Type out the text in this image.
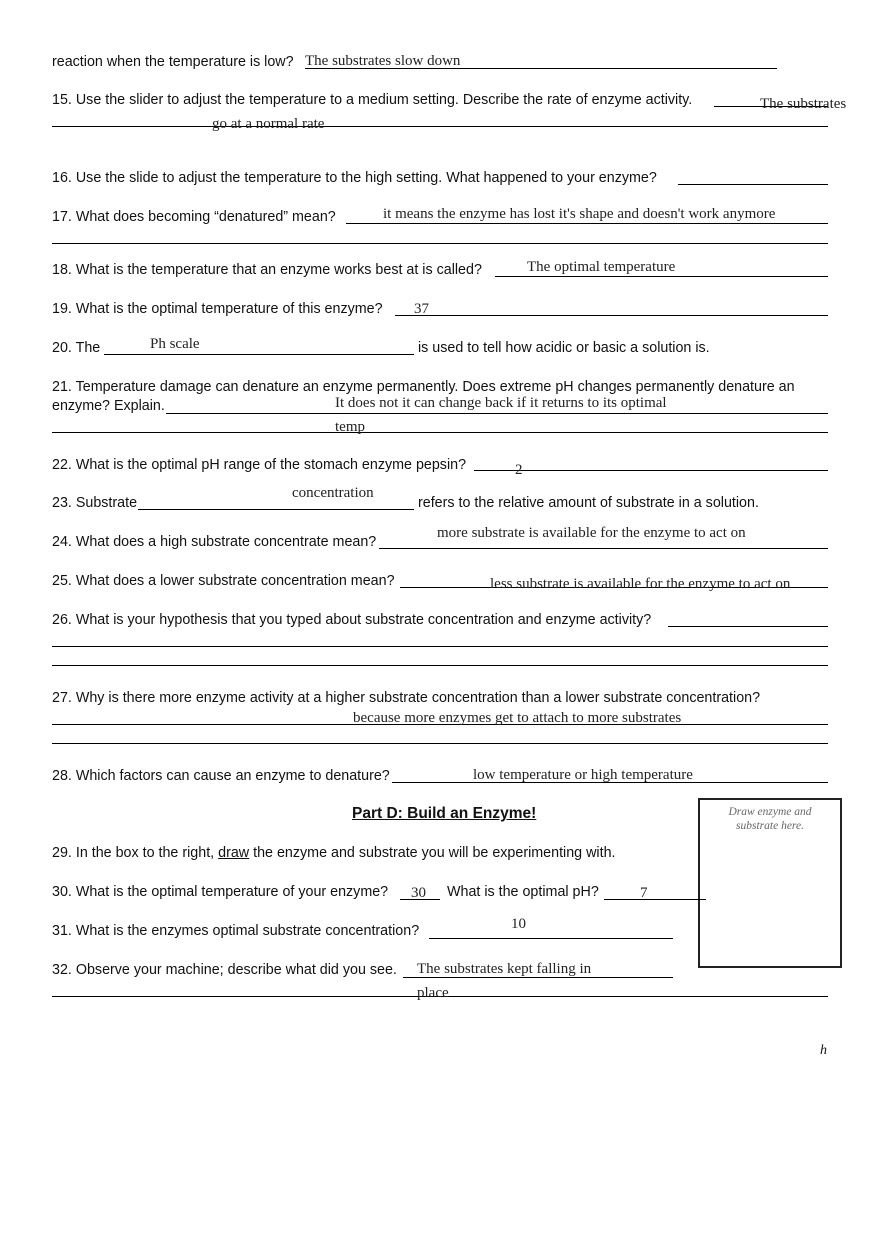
reaction when the temperature is low? The substrates slow down
15. Use the slider to adjust the temperature to a medium setting. Describe the rate of enzyme activity.	The substrates
go at a normal rate
16. Use the slide to adjust the temperature to the high setting. What happened to your enzyme?
17. What does becoming “denatured” mean?	it means the enzyme has lost it's shape and doesn't work anymore
18. What is the temperature that an enzyme works best at is called?	The optimal temperature
19. What is the optimal temperature of this enzyme? 37
20. The	Ph scale	is used to tell how acidic or basic a solution is.
21. Temperature damage can denature an enzyme permanently. Does extreme pH changes permanently denature an
enzyme? Explain.	It does not it can change back if it returns to its optimal
temp
22. What is the optimal pH range of the stomach enzyme pepsin?	2
23. Substrate
concentration
refers to the relative amount of substrate in a solution.
24. What does a high substrate concentrate mean?
more substrate is available for the enzyme to act on
25. What does a lower substrate concentration mean?	less substrate is available for the enzyme to act on
26. What is your hypothesis that you typed about substrate concentration and enzyme activity?
27. Why is there more enzyme activity at a higher substrate concentration than a lower substrate concentration?
because more enzymes get to attach to more substrates
28. Which factors can cause an enzyme to denature?	low temperature or high temperature
Part D: Build an Enzyme!	Draw enzyme and
substrate here.
29. In the box to the right, draw the enzyme and substrate you will be experimenting with.
30. What is the optimal temperature of your enzyme? 30 What is the optimal pH?	7
31. What is the enzymes optimal substrate concentration?	10
32. Observe your machine; describe what did you see. The substrates kept falling in
place
h
